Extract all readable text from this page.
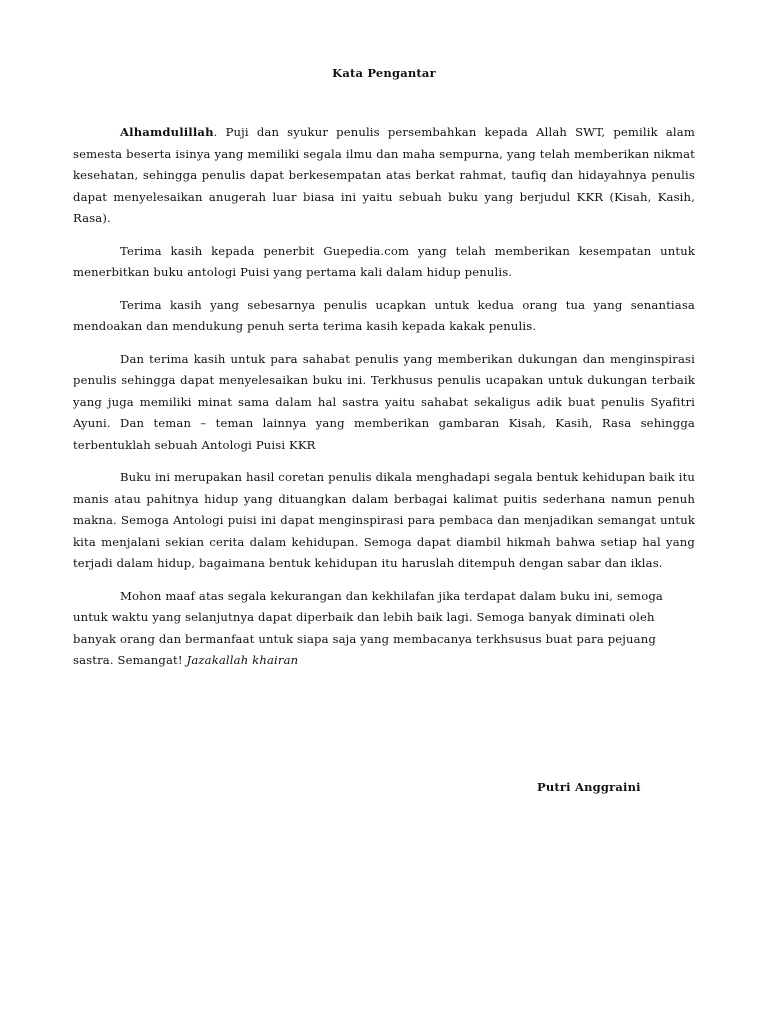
Kata Pengantar

Alhamdulillah. Puji dan syukur penulis persembahkan kepada Allah SWT, pemilik alam semesta beserta isinya yang memiliki segala ilmu dan maha sempurna, yang telah memberikan nikmat kesehatan, sehingga penulis dapat berkesempatan atas berkat rahmat, taufiq dan hidayahnya penulis dapat menyelesaikan anugerah luar biasa ini yaitu sebuah buku yang berjudul KKR (Kisah, Kasih, Rasa).

Terima kasih kepada penerbit Guepedia.com yang telah memberikan kesempatan untuk menerbitkan buku antologi Puisi yang pertama kali dalam hidup penulis.

Terima kasih yang sebesarnya penulis ucapkan untuk kedua orang tua yang senantiasa mendoakan dan mendukung penuh serta terima kasih kepada kakak penulis.

Dan terima kasih untuk para sahabat penulis yang memberikan dukungan dan menginspirasi penulis sehingga dapat menyelesaikan buku ini. Terkhusus penulis ucapakan untuk dukungan terbaik yang juga memiliki minat sama dalam hal sastra yaitu sahabat sekaligus adik buat penulis Syafitri Ayuni. Dan teman – teman lainnya yang memberikan gambaran Kisah, Kasih, Rasa sehingga terbentuklah sebuah Antologi Puisi KKR

Buku ini merupakan hasil coretan penulis dikala menghadapi segala bentuk kehidupan baik itu manis atau pahitnya hidup yang dituangkan dalam berbagai kalimat puitis sederhana namun penuh makna. Semoga Antologi puisi ini dapat menginspirasi para pembaca dan menjadikan semangat untuk kita menjalani sekian cerita dalam kehidupan. Semoga dapat diambil hikmah bahwa setiap hal yang terjadi dalam hidup, bagaimana bentuk kehidupan itu haruslah ditempuh dengan sabar dan iklas.

Mohon maaf atas segala kekurangan dan kekhilafan jika terdapat dalam buku ini, semoga untuk waktu yang selanjutnya dapat diperbaik dan lebih baik lagi. Semoga banyak diminati oleh banyak orang dan bermanfaat untuk siapa saja yang membacanya terkhsusus buat para pejuang sastra. Semangat! Jazakallah khairan

Putri Anggraini
